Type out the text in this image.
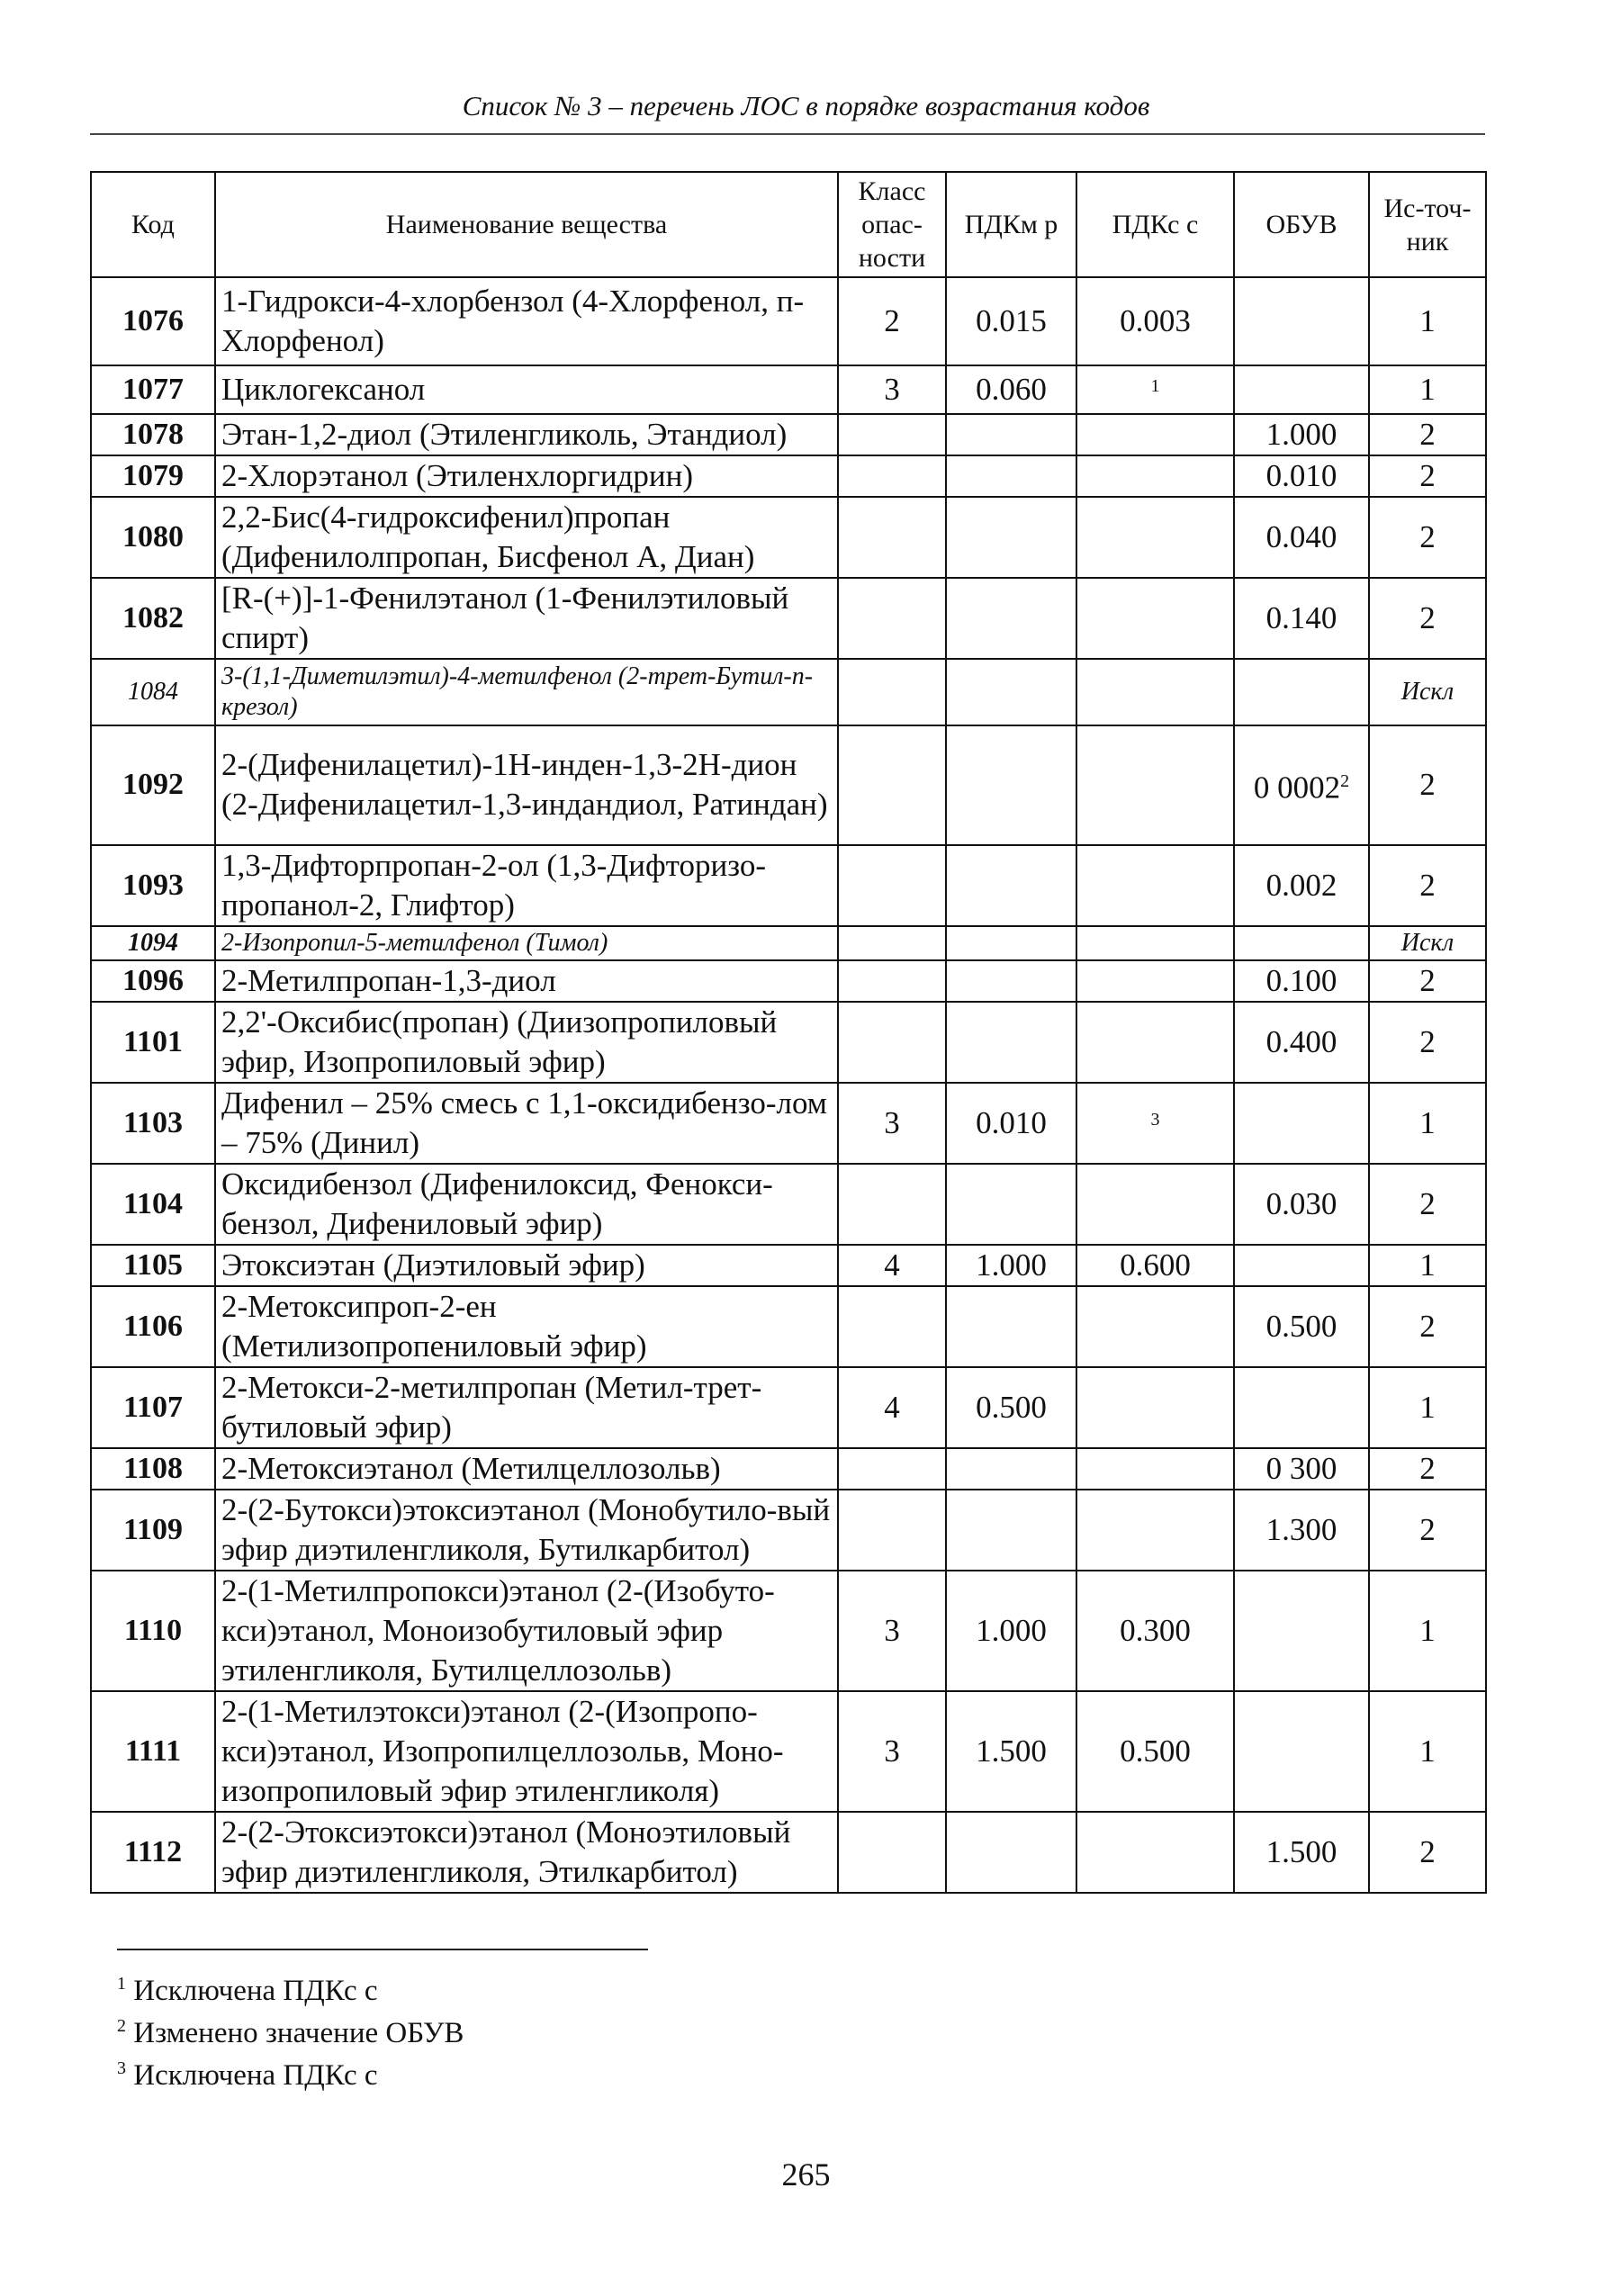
Список № 3 – перечень ЛОС в порядке возрастания кодов
Код	Наименование вещества	Класс опас-ности	ПДКм р	ПДКс с	ОБУВ	Ис-точ-ник
1076	1-Гидрокси-4-хлорбензол (4-Хлорфенол, п-Хлорфенол)	2	0.015	0.003		1
1077	Циклогексанол	3	0.060	$^1$		1
1078	Этан-1,2-диол (Этиленгликоль, Этандиол)				1.000	2
1079	2-Хлорэтанол (Этиленхлоргидрин)				0.010	2
1080	2,2-Бис(4-гидроксифенил)пропан (Дифенилолпропан, Бисфенол А, Диан)				0.040	2
1082	[R-(+)]-1-Фенилэтанол (1-Фенилэтиловый спирт)				0.140	2
1084	3-(1,1-Диметилэтил)-4-метилфенол (2-трет-Бутил-п-крезол)					Искл
1092	2-(Дифенилацетил)-1Н-инден-1,3-2Н-дион (2-Дифенилацетил-1,3-индандиол, Ратиндан)				0 0002$^2$	2
1093	1,3-Дифторпропан-2-ол (1,3-Дифторизо-пропанол-2, Глифтор)				0.002	2
1094	2-Изопропил-5-метилфенол (Тимол)					Искл
1096	2-Метилпропан-1,3-диол				0.100	2
1101	2,2'-Оксибис(пропан) (Диизопропиловый эфир, Изопропиловый эфир)				0.400	2
1103	Дифенил – 25% смесь с 1,1-оксидибензо-лом – 75% (Динил)	3	0.010	$^3$		1
1104	Оксидибензол (Дифенилоксид, Фенокси-бензол, Дифениловый эфир)				0.030	2
1105	Этоксиэтан (Диэтиловый эфир)	4	1.000	0.600		1
1106	2-Метоксипроп-2-ен (Метилизопропениловый эфир)				0.500	2
1107	2-Метокси-2-метилпропан (Метил-трет-бутиловый эфир)	4	0.500			1
1108	2-Метоксиэтанол (Метилцеллозольв)				0 300	2
1109	2-(2-Бутокси)этоксиэтанол (Монобутило-вый эфир диэтиленгликоля, Бутилкарбитол)				1.300	2
1110	2-(1-Метилпропокси)этанол (2-(Изобуто-кси)этанол, Моноизобутиловый эфир этиленгликоля, Бутилцеллозольв)	3	1.000	0.300		1
1111	2-(1-Метилэтокси)этанол (2-(Изопропо-кси)этанол, Изопропилцеллозольв, Моно-изопропиловый эфир этиленгликоля)	3	1.500	0.500		1
1112	2-(2-Этоксиэтокси)этанол (Моноэтиловый эфир диэтиленгликоля, Этилкарбитол)				1.500	2
$^1$ Исключена ПДКс с
$^2$ Изменено значение ОБУВ
$^3$ Исключена ПДКс с
265
